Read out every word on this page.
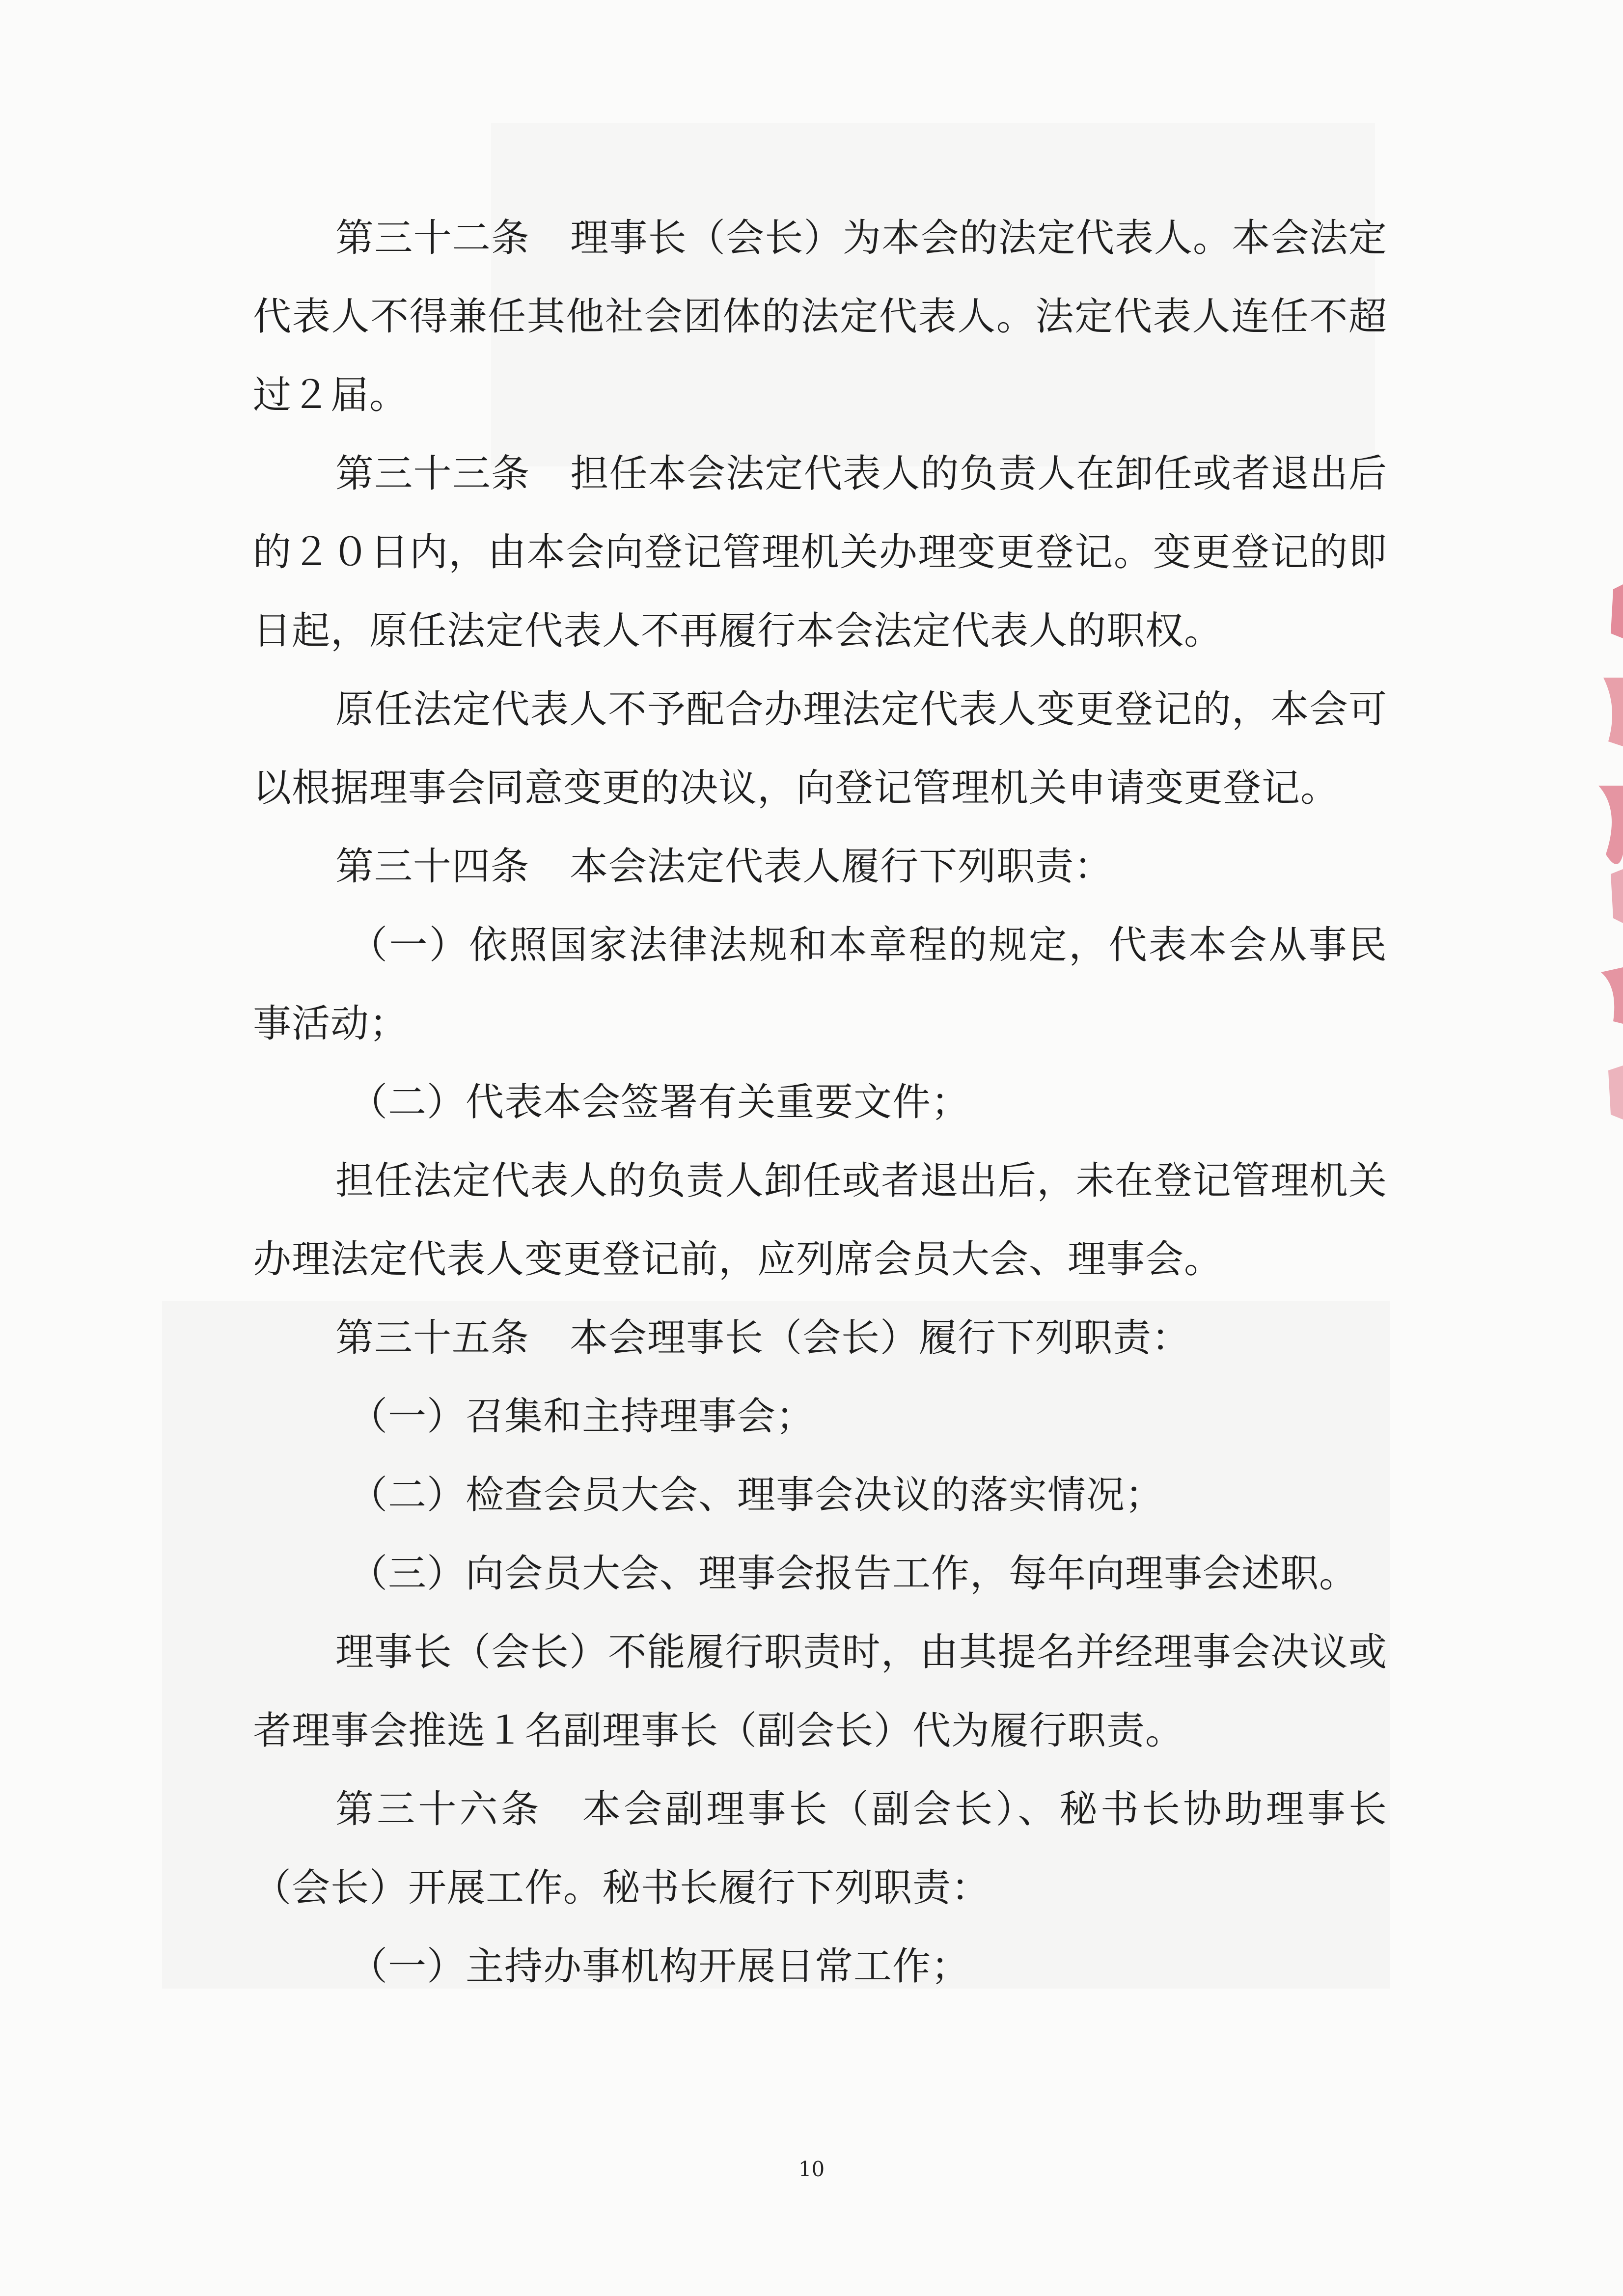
第三十二条 理事长（会长）为本会的法定代表人。本会法定代表人不得兼任其他社会团体的法定代表人。法定代表人连任不超过２届。

第三十三条 担任本会法定代表人的负责人在卸任或者退出后的２０日内，由本会向登记管理机关办理变更登记。变更登记的即日起，原任法定代表人不再履行本会法定代表人的职权。

原任法定代表人不予配合办理法定代表人变更登记的，本会可以根据理事会同意变更的决议，向登记管理机关申请变更登记。

第三十四条 本会法定代表人履行下列职责：

（一）依照国家法律法规和本章程的规定，代表本会从事民事活动；

（二）代表本会签署有关重要文件；

担任法定代表人的负责人卸任或者退出后，未在登记管理机关办理法定代表人变更登记前，应列席会员大会、理事会。

第三十五条 本会理事长（会长）履行下列职责：

（一）召集和主持理事会；

（二）检查会员大会、理事会决议的落实情况；

（三）向会员大会、理事会报告工作，每年向理事会述职。

理事长（会长）不能履行职责时，由其提名并经理事会决议或者理事会推选１名副理事长（副会长）代为履行职责。

第三十六条 本会副理事长（副会长）、秘书长协助理事长（会长）开展工作。秘书长履行下列职责：

（一）主持办事机构开展日常工作；

10
